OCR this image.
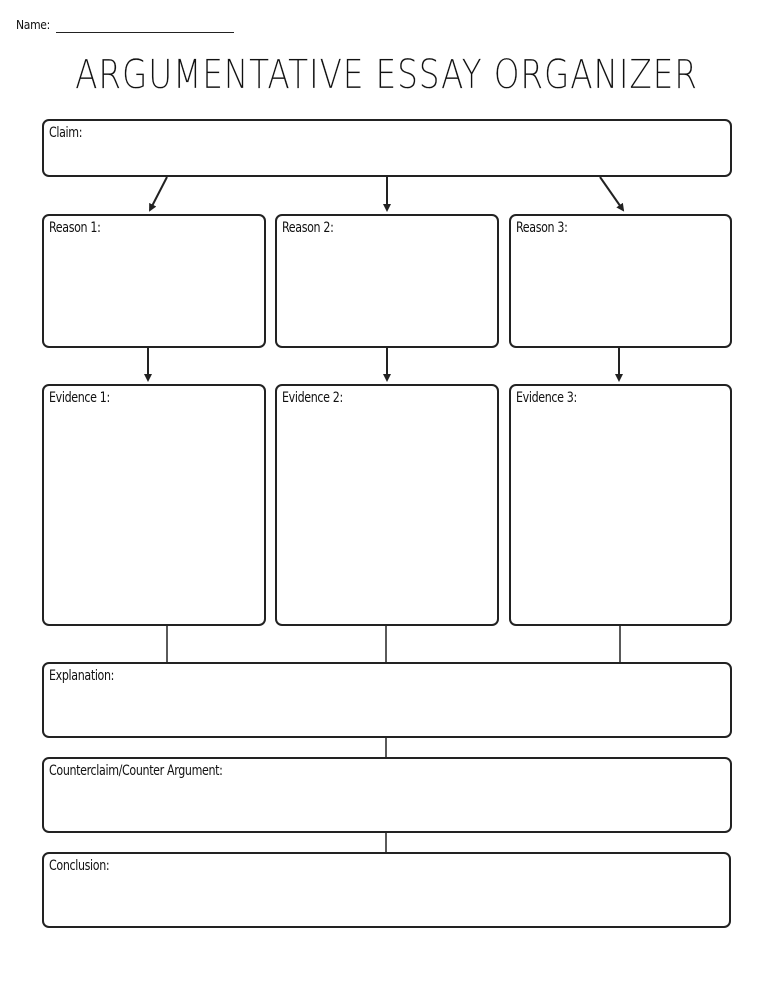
Name:
ARGUMENTATIVE ESSAY ORGANIZER
Claim:
Reason 1:	Reason 2:	Reason 3:
Evidence 1:	Evidence 2:	Evidence 3:
Explanation:
Counterclaim/Counter Argument:
Conclusion:
